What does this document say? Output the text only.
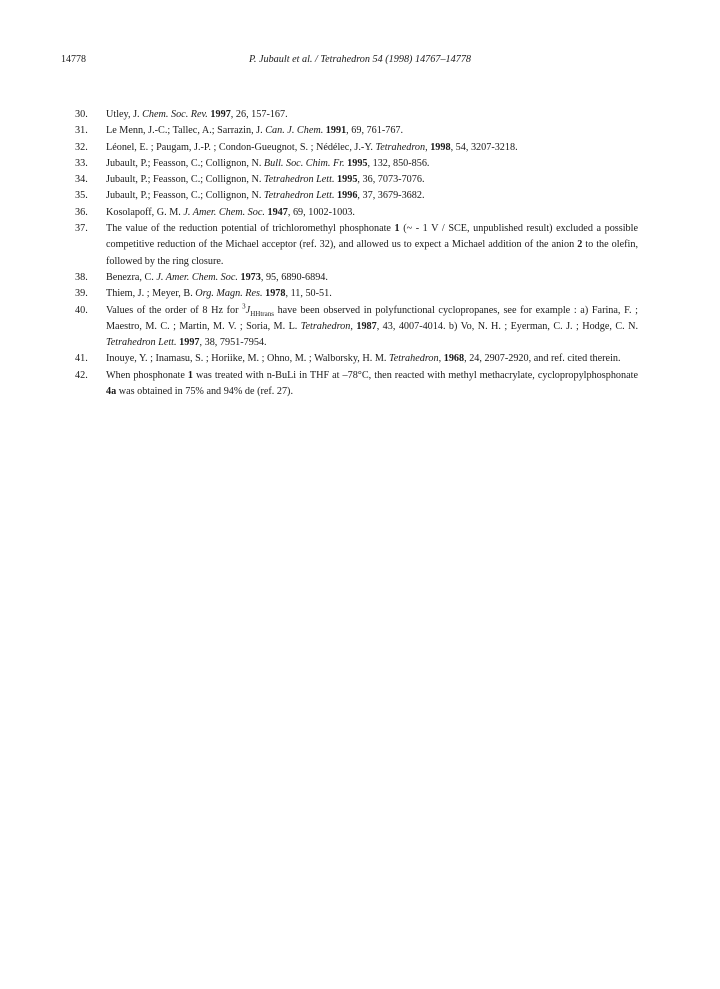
14778	P. Jubault et al. / Tetrahedron 54 (1998) 14767–14778
30.	Utley, J. Chem. Soc. Rev. 1997, 26, 157-167.
31.	Le Menn, J.-C.; Tallec, A.; Sarrazin, J. Can. J. Chem. 1991, 69, 761-767.
32.	Léonel, E. ; Paugam, J.-P. ; Condon-Gueugnot, S. ; Nédélec, J.-Y. Tetrahedron, 1998, 54, 3207-3218.
33.	Jubault, P.; Feasson, C.; Collignon, N. Bull. Soc. Chim. Fr. 1995, 132, 850-856.
34.	Jubault, P.; Feasson, C.; Collignon, N. Tetrahedron Lett. 1995, 36, 7073-7076.
35.	Jubault, P.; Feasson, C.; Collignon, N. Tetrahedron Lett. 1996, 37, 3679-3682.
36.	Kosolapoff, G. M. J. Amer. Chem. Soc. 1947, 69, 1002-1003.
37.	The value of the reduction potential of trichloromethyl phosphonate 1 (~ - 1 V / SCE, unpublished result) excluded a possible competitive reduction of the Michael acceptor (ref. 32), and allowed us to expect a Michael addition of the anion 2 to the olefin, followed by the ring closure.
38.	Benezra, C. J. Amer. Chem. Soc. 1973, 95, 6890-6894.
39.	Thiem, J. ; Meyer, B. Org. Magn. Res. 1978, 11, 50-51.
40.	Values of the order of 8 Hz for $^3J_{HHtrans}$ have been observed in polyfunctional cyclopropanes, see for example : a) Farina, F. ; Maestro, M. C. ; Martin, M. V. ; Soria, M. L. Tetrahedron, 1987, 43, 4007-4014. b) Vo, N. H. ; Eyerman, C. J. ; Hodge, C. N. Tetrahedron Lett. 1997, 38, 7951-7954.
41.	Inouye, Y. ; Inamasu, S. ; Horiike, M. ; Ohno, M. ; Walborsky, H. M. Tetrahedron, 1968, 24, 2907-2920, and ref. cited therein.
42.	When phosphonate 1 was treated with n-BuLi in THF at –78°C, then reacted with methyl methacrylate, cyclopropylphosphonate 4a was obtained in 75% and 94% de (ref. 27).
